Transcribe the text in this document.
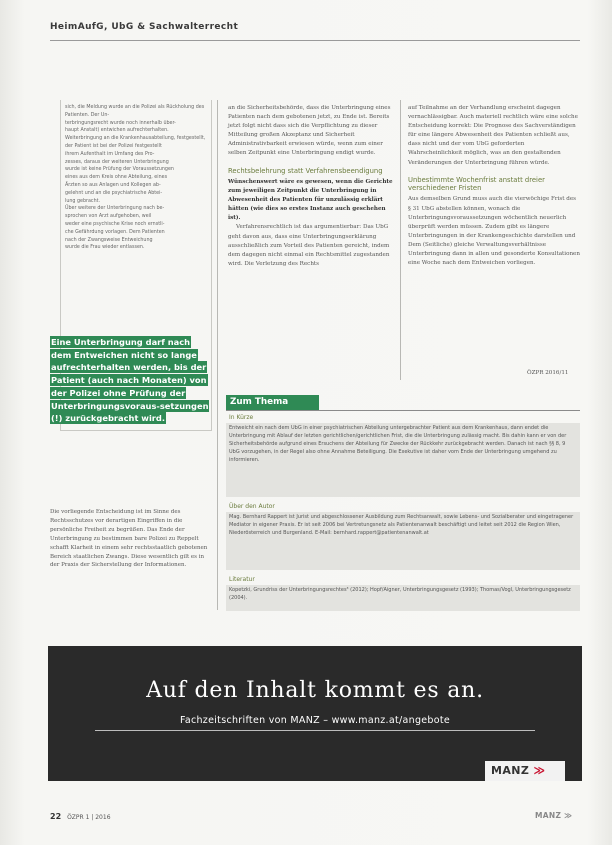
HeimAufG, UbG & Sachwalterrecht

sich, die Meldung wurde an die Polizei als Rückholung des Patienten. Der Un-

terbringungsrecht wurde noch innerhalb über-

haupt Anstalt) entwichen aufrechterhalten.

Weiterbringung an die Krankenhausabteilung, festgestellt,

der Patient ist bei der Polizei festgestellt

ihrem Aufenthalt im Umfang des Pro-

zesses, daraus der weiteren Unterbringung

wurde ist keine Prüfung der Voraussetzungen

eines aus dem Kreis ohne Abteilung, eines

Ärzten so aus Anlagen und Kollegen ab-

gelehnt und an die psychiatrische Abtei-

lung gebracht.

Über weitere der Unterbringung nach be-

sprochen von Arzt aufgehoben, weil

weder eine psychische Krise noch ernstli-

che Gefährdung vorlagen. Dem Patienten

nach der Zwangsweise Entweichung

wurde die Frau wieder entlassen.

Eine Unterbringung darf nach dem Entweichen nicht so lange aufrechterhalten werden, bis der Patient (auch nach Monaten) von der Polizei ohne Prüfung der Unterbringungsvoraus-setzungen (!) zurückgebracht wird.

Die vorliegende Entscheidung ist im Sinne des Rechtsschutzes vor derartigen Eingriffen in die persönliche Freiheit zu begrüßen. Das Ende der Unterbringung zu bestimmen bare Polizei zu Reppelt schafft Klarheit in einem sehr rechtsstaatlich gebotenen Bereich staatlichen Zwangs. Diese wesentlich gilt es in der Praxis der Sicherstellung der Informationen.

an die Sicherheitsbehörde, dass die Unterbringung eines Patienten nach dem gebotenen jetzt, zu Ende ist. Bereits jetzt folgt nicht dass sich die Verpflichtung zu dieser Mitteilung großen Akzeptanz und Sicherheit Administrativbarkeit erwiesen würde, wenn zum einer selben Zeitpunkt eine Unterbringung endigt wurde.

Rechtsbelehrung statt Verfahrensbeendigung

Wünschenswert wäre es gewesen, wenn die Gerichte zum jeweiligen Zeitpunkt die Unterbringung in Abwesenheit des Patienten für unzulässig erklärt hätten (wie dies so erstes Instanz auch geschehen ist).

Verfahrensrechtlich ist das argumentierbar: Das UbG geht davon aus, dass eine Unterbringungserklärung ausschließlich zum Vorteil des Patienten gereicht, indem dem dagegen nicht einmal ein Rechtsmittel zugestanden wird. Die Verletzung des Rechts

auf Teilnahme an der Verhandlung erscheint dagegen vernachlässigbar. Auch materiell rechtlich wäre eine solche Entscheidung korrekt: Die Prognose des Sachverständigen für eine längere Abwesenheit des Patienten schließt aus, dass nicht und der vom UbG geforderten Wahrscheinlichkeit möglich, was an den gestaltenden Veränderungen der Unterbringung führen würde.

Unbestimmte Wochenfrist anstatt dreier verschiedener Fristen

Aus demselben Grund muss auch die vierwöchige Frist des § 31 UbG abstellen können, wonach die Unterbringungsvoraussetzungen wöchentlich neuerlich überprüft werden müssen. Zudem gibt es längere Unterbringungen in der Krankengeschichte darstellen und Dem (Seitliche) gleiche Verwaltungsverhältnisse Unterbringung dann in allen und gesonderte Konsultationen eine Woche nach dem Entweichen vorliegen.

ÖZPR 2016/11
Zum Thema
In Kürze
Entweicht ein nach dem UbG in einer psychiatrischen Abteilung untergebrachter Patient aus dem Krankenhaus, dann endet die Unterbringung mit Ablauf der letzten gerichtlichen/gerichtlichen Frist, die die Unterbringung zulässig macht. Bis dahin kann er von der Sicherheitsbehörde aufgrund eines Ersuchens der Abteilung für Zwecke der Rückkehr zurückgebracht werden. Danach ist nach §§ 8, 9 UbG vorzugehen, in der Regel also ohne Annahme Beteiligung. Die Exekutive ist daher vom Ende der Unterbringung umgehend zu informieren.
Über den Autor
Mag. Bernhard Rappert ist Jurist und abgeschlossener Ausbildung zum Rechtsanwalt, sowie Lebens- und Sozialberater und eingetragener Mediator in eigener Praxis. Er ist seit 2006 bei Vertretungsnetz als Patientenanwalt beschäftigt und leitet seit 2012 die Region Wien, Niederösterreich und Burgenland. E-Mail: bernhard.rappert@patientenanwalt.at
Literatur
Kopetzki, Grundriss der Unterbringungsrechtes³ (2012); Hopf/Aigner, Unterbringungsgesetz (1993); Thomas/Vogl, Unterbringungsgesetz (2004).
Auf den Inhalt kommt es an.
Fachzeitschriften von MANZ – www.manz.at/angebote
MANZ ≫
22 ÖZPR 1 | 2016	MANZ ≫
